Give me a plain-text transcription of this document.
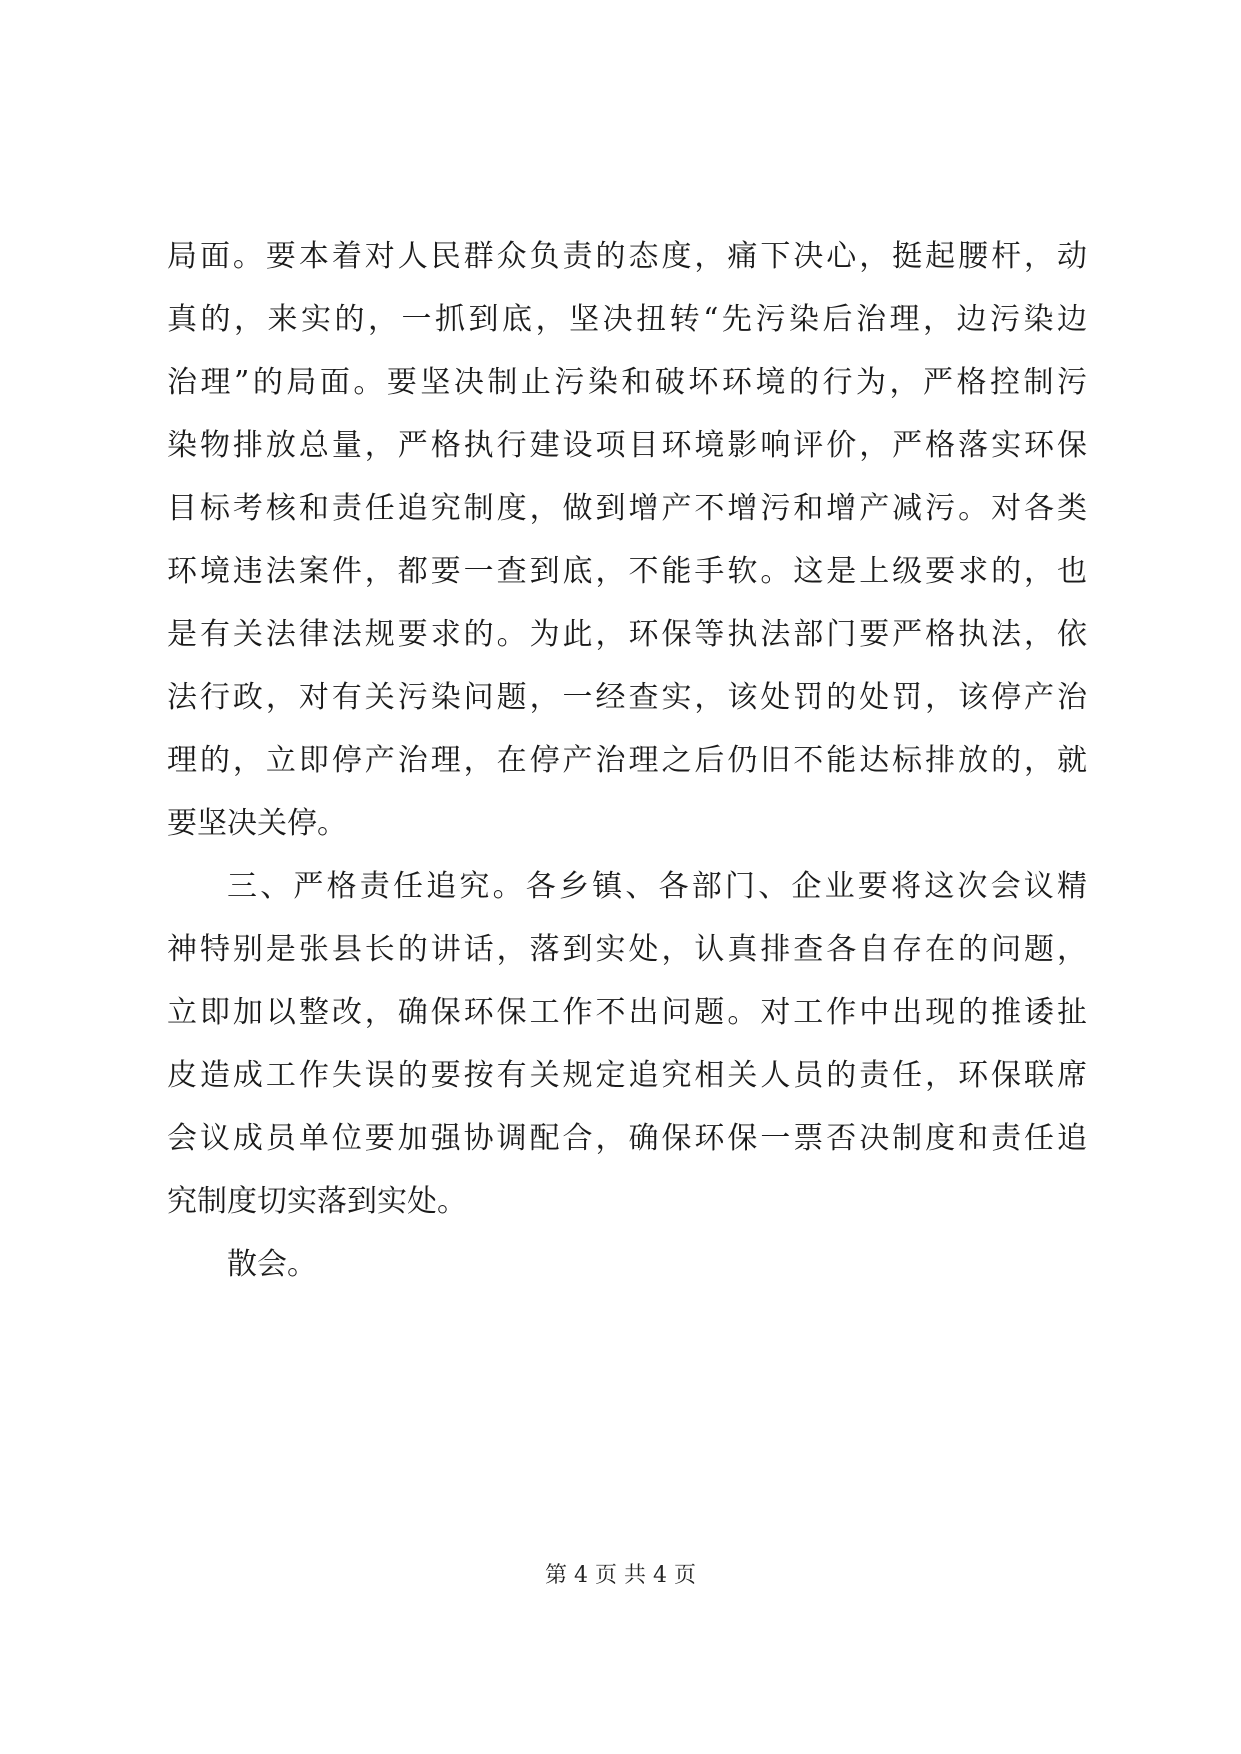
局面。要本着对人民群众负责的态度，痛下决心，挺起腰杆，动
真的，来实的，一抓到底，坚决扭转“先污染后治理，边污染边
治理”的局面。要坚决制止污染和破坏环境的行为，严格控制污
染物排放总量，严格执行建设项目环境影响评价，严格落实环保
目标考核和责任追究制度，做到增产不增污和增产减污。对各类
环境违法案件，都要一查到底，不能手软。这是上级要求的，也
是有关法律法规要求的。为此，环保等执法部门要严格执法，依
法行政，对有关污染问题，一经查实，该处罚的处罚，该停产治
理的，立即停产治理，在停产治理之后仍旧不能达标排放的，就
要坚决关停。
三、严格责任追究。各乡镇、各部门、企业要将这次会议精
神特别是张县长的讲话，落到实处，认真排查各自存在的问题，
立即加以整改，确保环保工作不出问题。对工作中出现的推诿扯
皮造成工作失误的要按有关规定追究相关人员的责任，环保联席
会议成员单位要加强协调配合，确保环保一票否决制度和责任追
究制度切实落到实处。
散会。
第 4 页 共 4 页
